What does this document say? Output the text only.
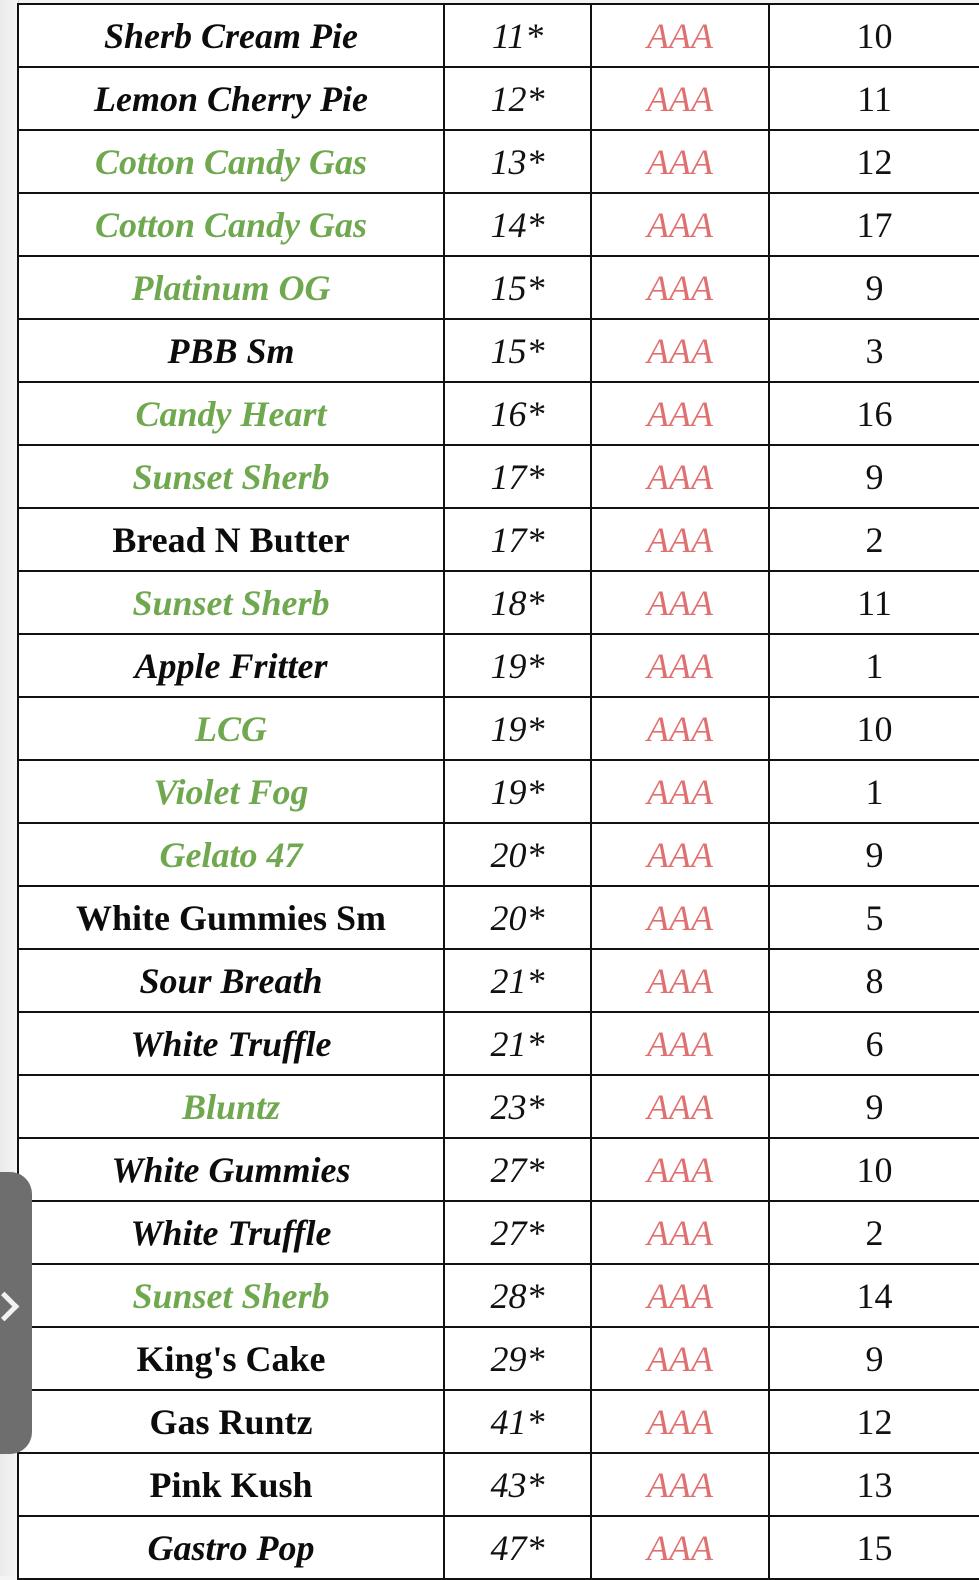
Sherb Cream Pie	11*	AAA	10
Lemon Cherry Pie	12*	AAA	11
Cotton Candy Gas	13*	AAA	12
Cotton Candy Gas	14*	AAA	17
Platinum OG	15*	AAA	9
PBB Sm	15*	AAA	3
Candy Heart	16*	AAA	16
Sunset Sherb	17*	AAA	9
Bread N Butter	17*	AAA	2
Sunset Sherb	18*	AAA	11
Apple Fritter	19*	AAA	1
LCG	19*	AAA	10
Violet Fog	19*	AAA	1
Gelato 47	20*	AAA	9
White Gummies Sm	20*	AAA	5
Sour Breath	21*	AAA	8
White Truffle	21*	AAA	6
Bluntz	23*	AAA	9
White Gummies	27*	AAA	10
White Truffle	27*	AAA	2
Sunset Sherb	28*	AAA	14
King's Cake	29*	AAA	9
Gas Runtz	41*	AAA	12
Pink Kush	43*	AAA	13
Gastro Pop	47*	AAA	15
